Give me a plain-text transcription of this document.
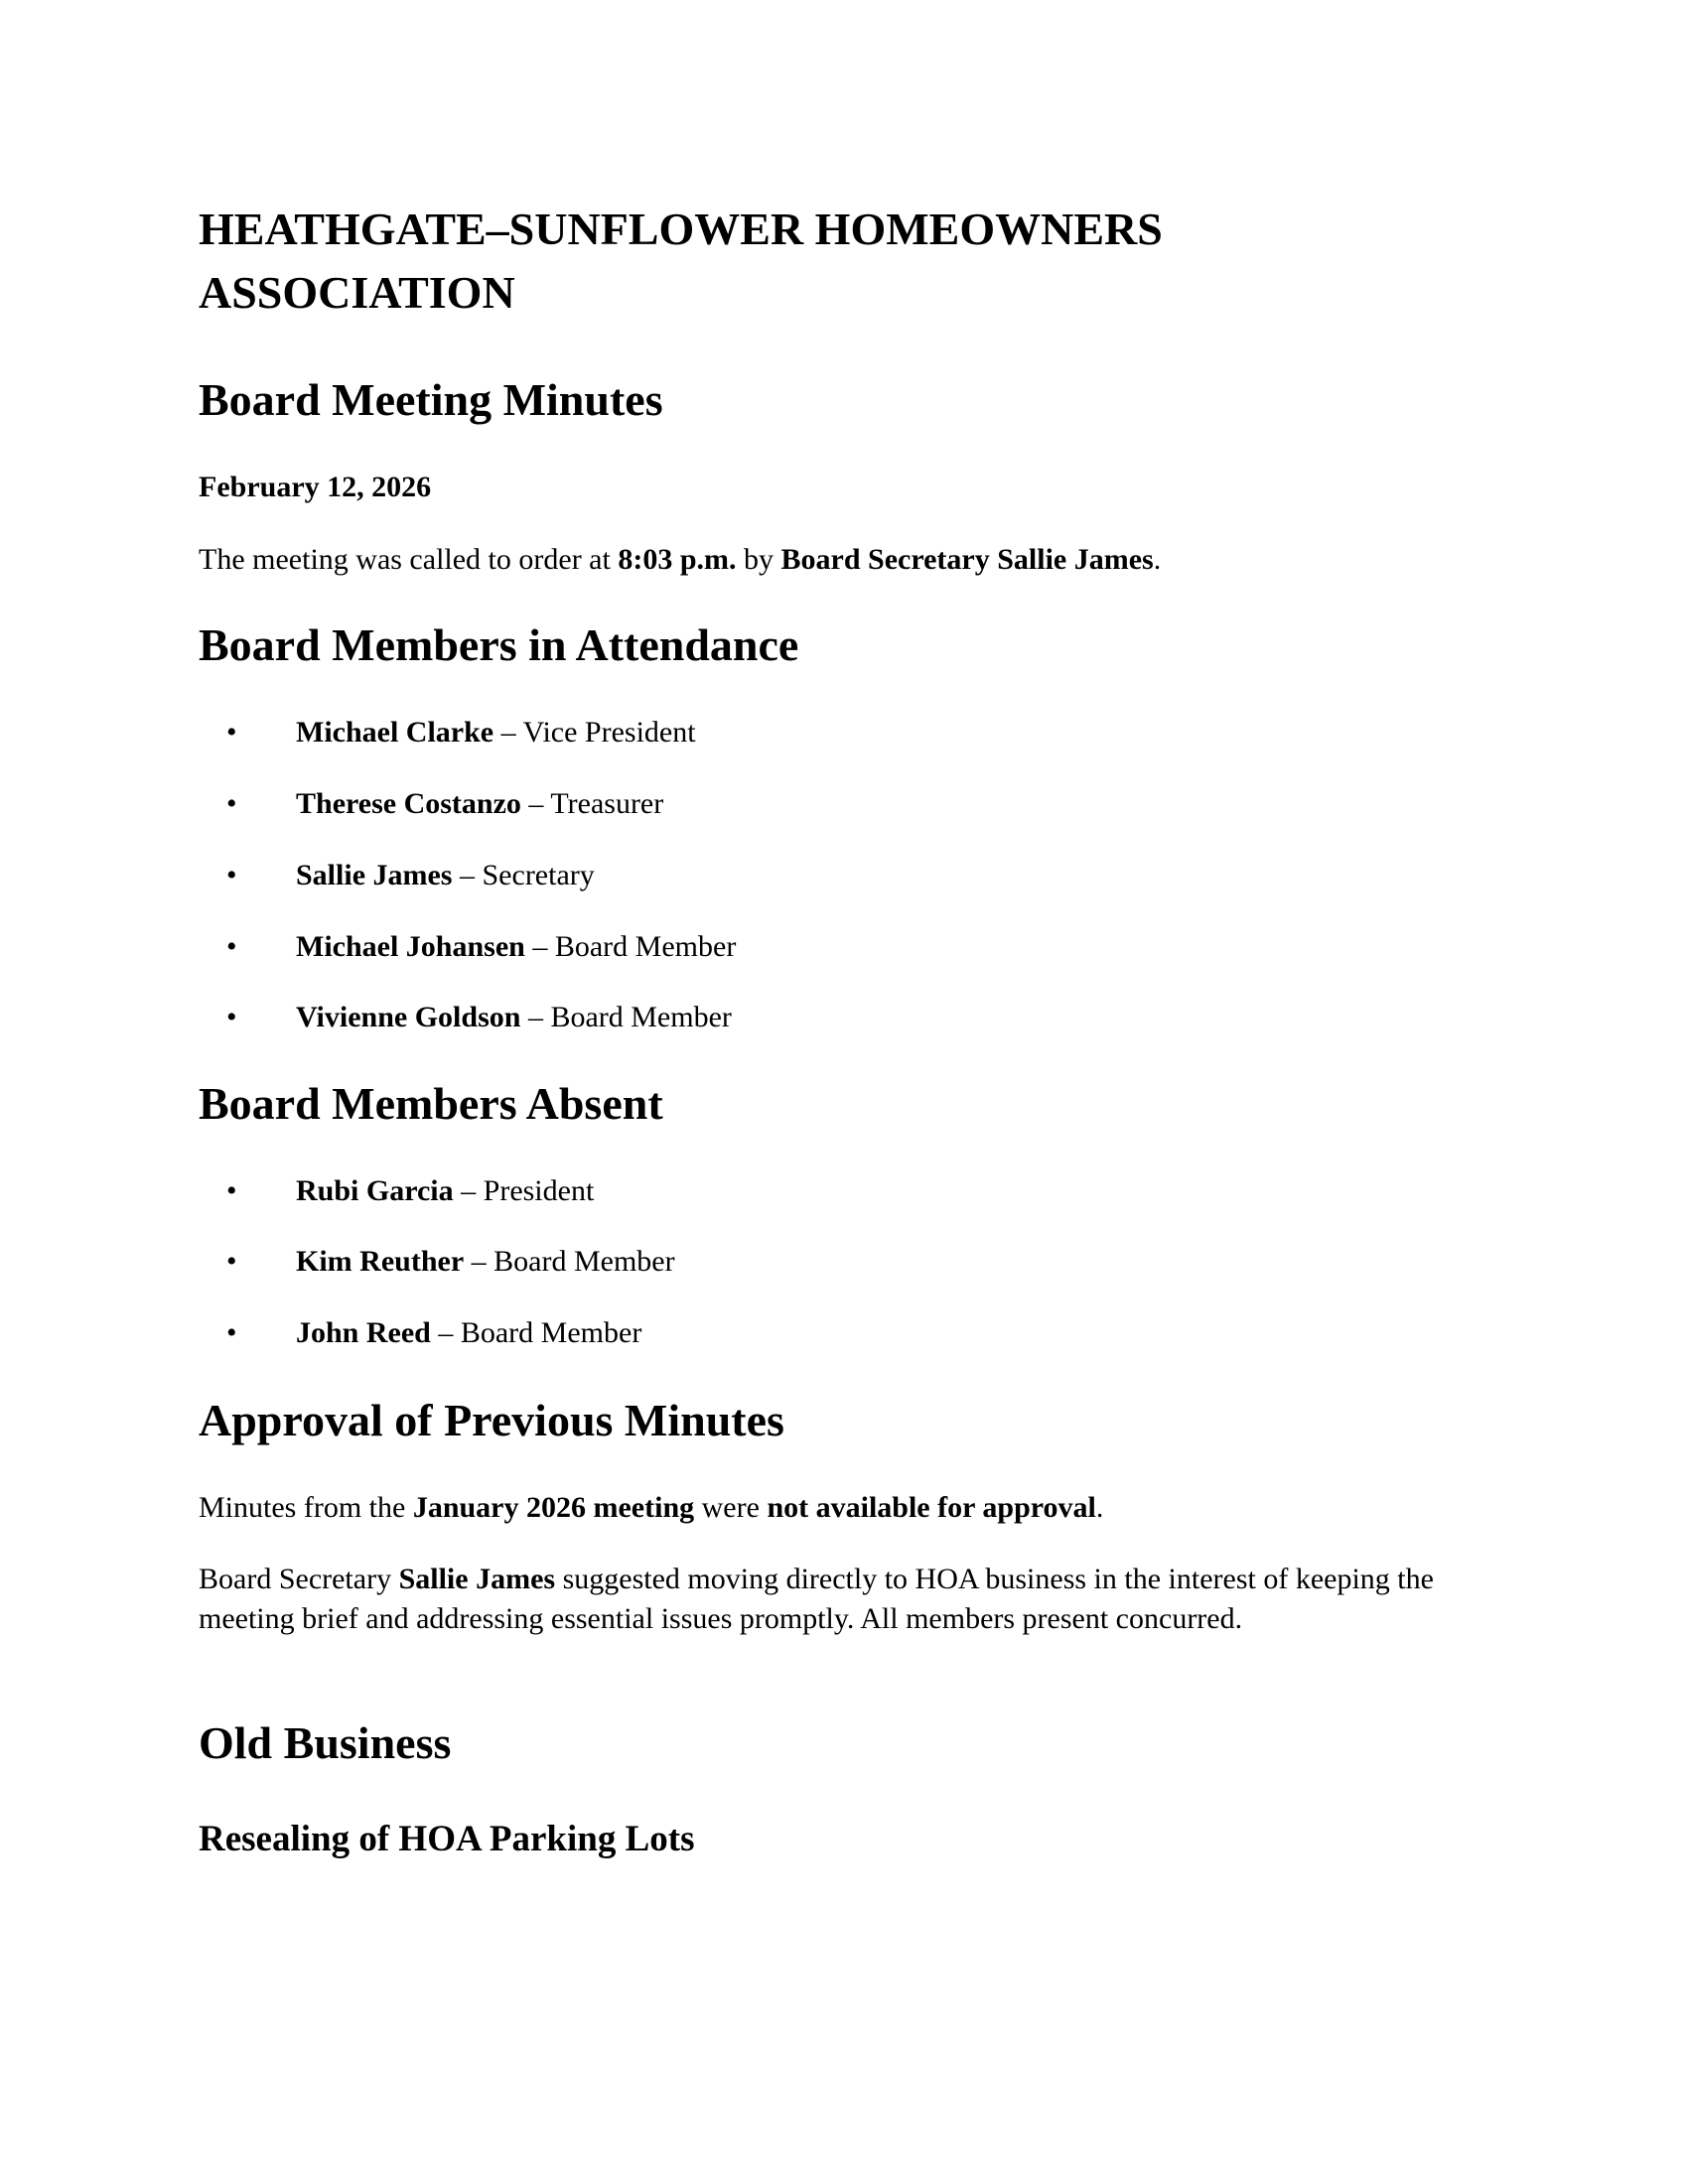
HEATHGATE–SUNFLOWER HOMEOWNERS ASSOCIATION
Board Meeting Minutes

February 12, 2026

The meeting was called to order at 8:03 p.m. by Board Secretary Sallie James.

Board Members in Attendance
• Michael Clarke – Vice President
• Therese Costanzo – Treasurer
• Sallie James – Secretary
• Michael Johansen – Board Member
• Vivienne Goldson – Board Member
Board Members Absent
• Rubi Garcia – President
• Kim Reuther – Board Member
• John Reed – Board Member
Approval of Previous Minutes

Minutes from the January 2026 meeting were not available for approval.

Board Secretary Sallie James suggested moving directly to HOA business in the interest of keeping the meeting brief and addressing essential issues promptly. All members present concurred.

Old Business
Resealing of HOA Parking Lots
